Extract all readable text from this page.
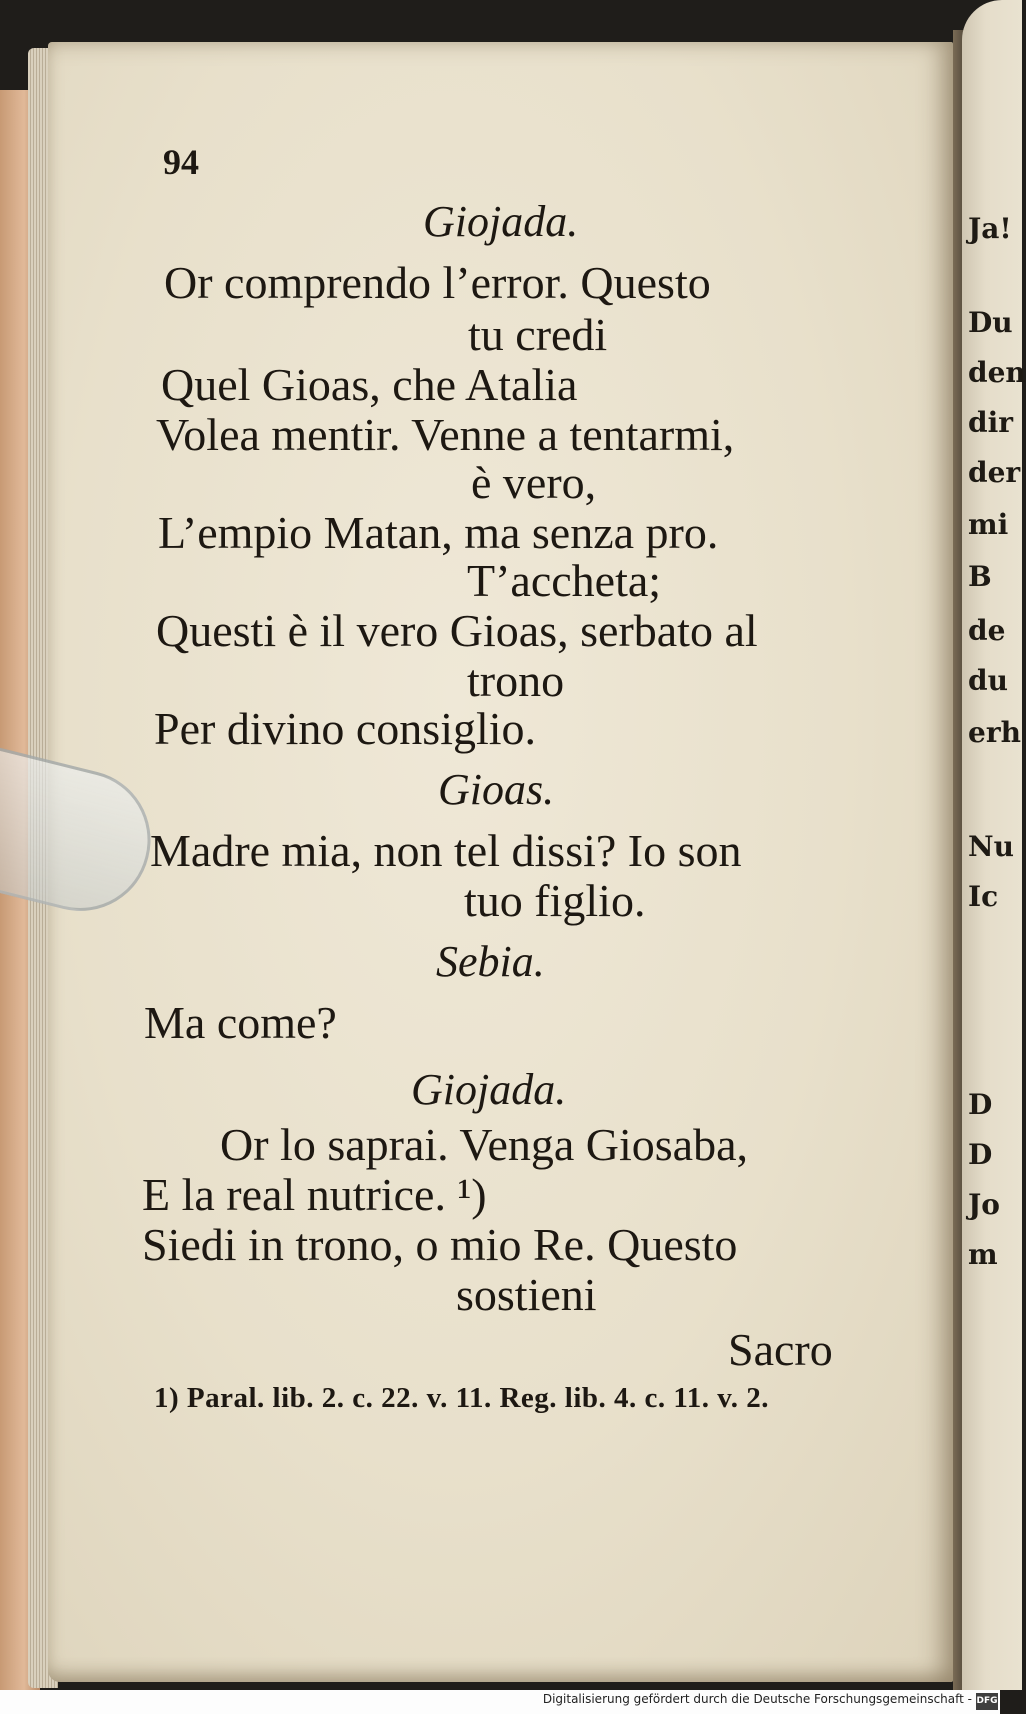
94
Giojada.
Or comprendo l’error. Questo
tu credi
Quel Gioas, che Atalia
Volea mentir. Venne a tentarmi,
è vero,
L’empio Matan, ma senza pro.
T’accheta;
Questi è il vero Gioas, serbato al
trono
Per divino consiglio.
Gioas.
Madre mia, non tel dissi? Io son
tuo figlio.
Sebia.
Ma come?
Giojada.
Or lo saprai. Venga Giosaba,
E la real nutrice. ¹)
Siedi in trono, o mio Re. Questo
sostieni
Sacro
1) Paral. lib. 2. c. 22. v. 11. Reg. lib. 4. c. 11. v. 2.
Ja!
Du
den
dir
der
mi
B
de
du
erh
Nu
Ic
D
D
Jo
m
Digitalisierung gefördert durch die Deutsche Forschungsgemeinschaft - DFG
